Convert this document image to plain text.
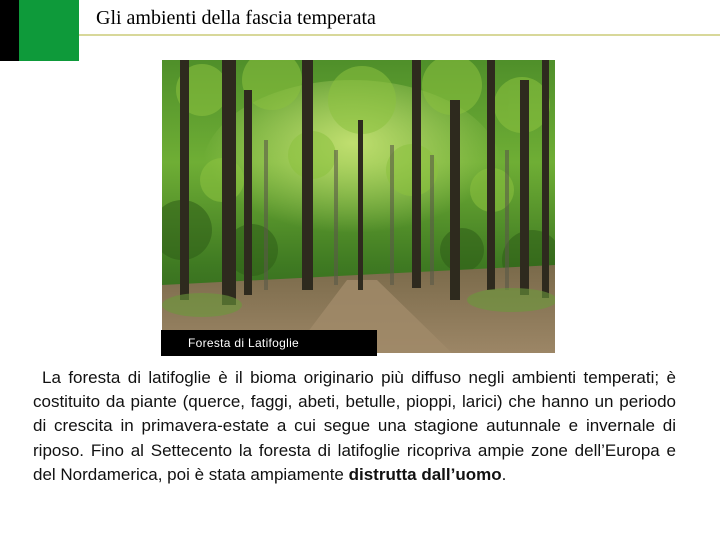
Gli ambienti della fascia temperata
Foresta di Latifoglie

La foresta di latifoglie è il bioma originario più diffuso negli ambienti temperati; è costituito da piante (querce, faggi, abeti, betulle, pioppi, larici) che hanno un periodo di crescita in primavera-estate a cui segue una stagione autunnale e invernale di riposo. Fino al Settecento la foresta di latifoglie ricopriva ampie zone dell’Europa e del Nordamerica, poi è stata ampiamente distrutta dall’uomo.
